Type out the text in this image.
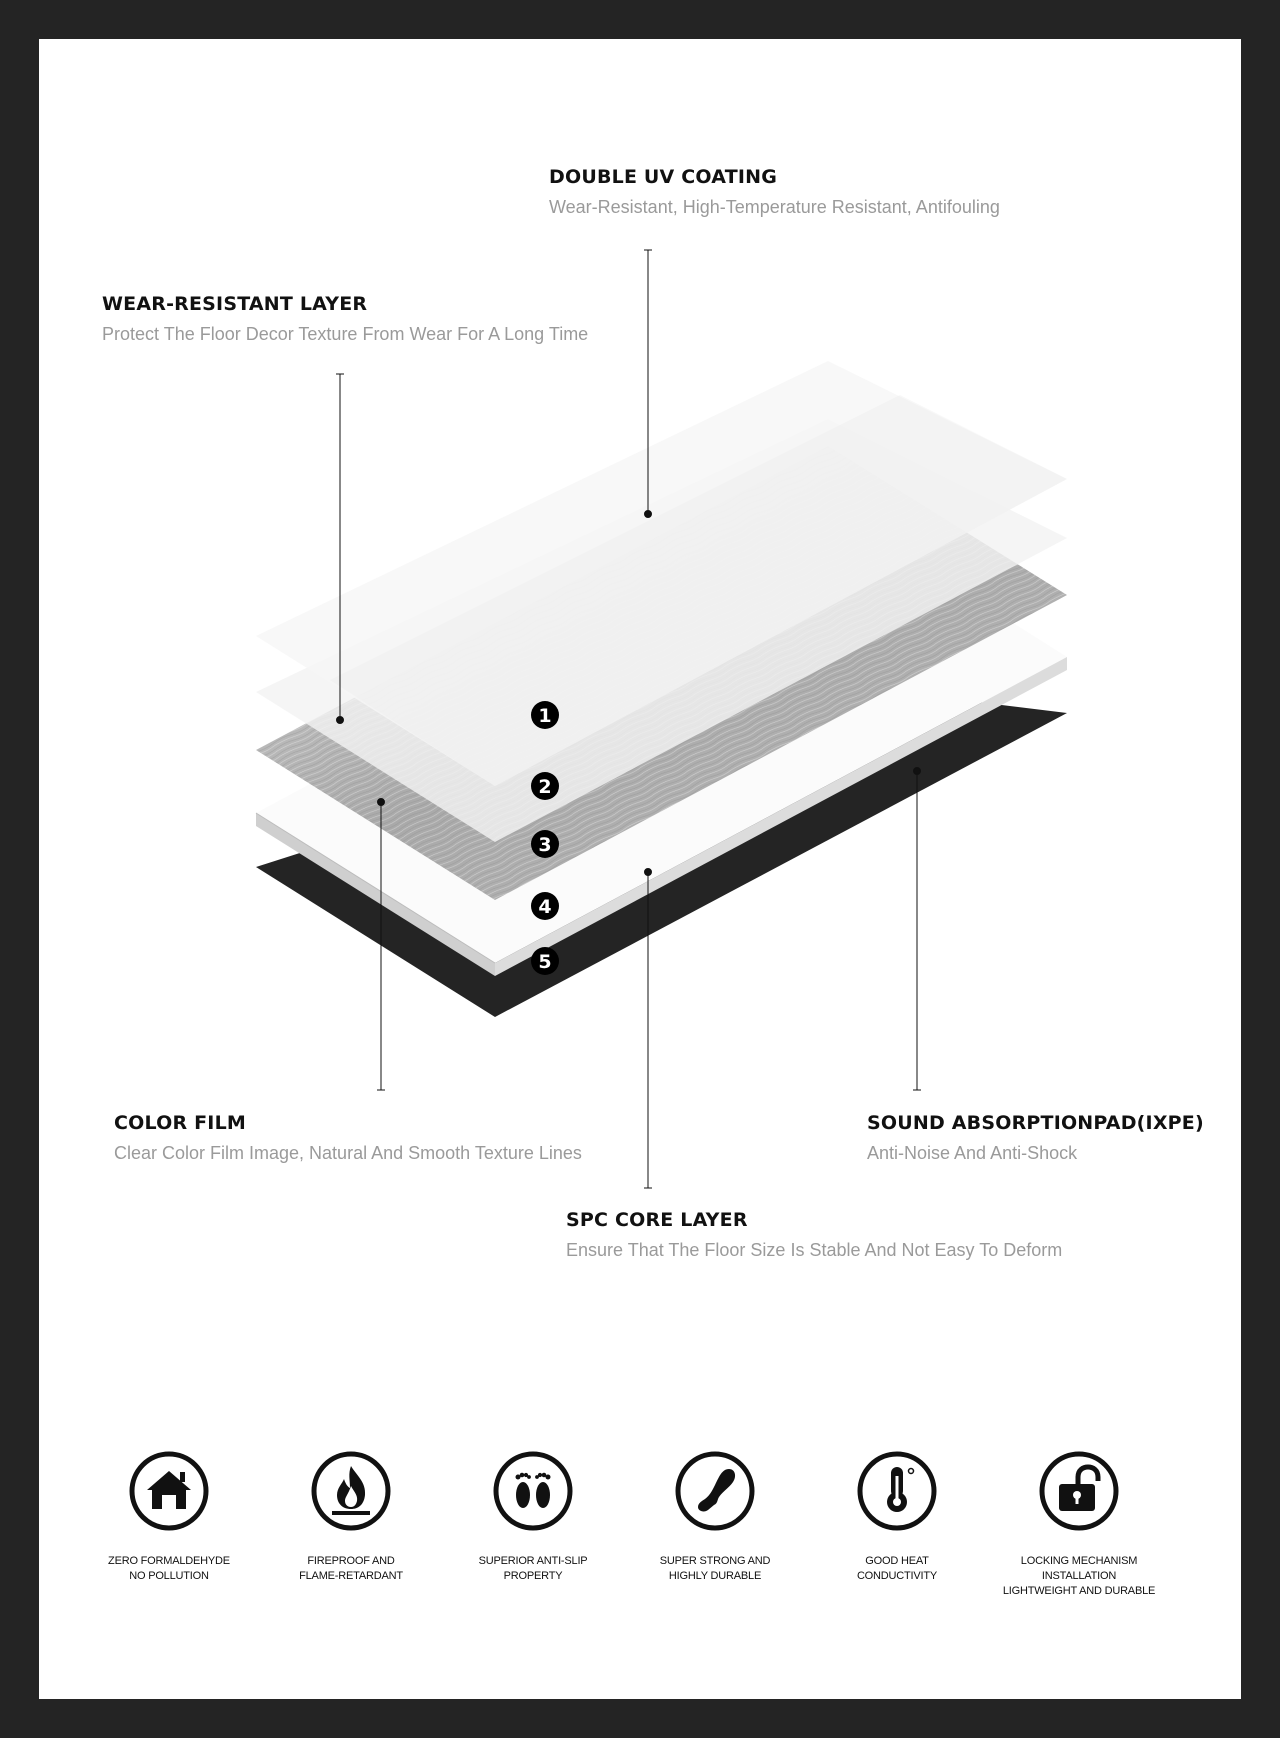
1
2
3
4
5
DOUBLE UV COATING
Wear-Resistant, High-Temperature Resistant, Antifouling
WEAR-RESISTANT LAYER
Protect The Floor Decor Texture From Wear For A Long Time
COLOR FILM
Clear Color Film Image, Natural And Smooth Texture Lines
SOUND ABSORPTIONPAD(IXPE)
Anti-Noise And Anti-Shock
SPC CORE LAYER
Ensure That The Floor Size Is Stable And Not Easy To Deform
ZERO FORMALDEHYDE
NO POLLUTION
FIREPROOF AND
FLAME-RETARDANT
SUPERIOR ANTI-SLIP
PROPERTY
SUPER STRONG AND
HIGHLY DURABLE
GOOD HEAT
CONDUCTIVITY
LOCKING MECHANISM INSTALLATION
LIGHTWEIGHT AND DURABLE
